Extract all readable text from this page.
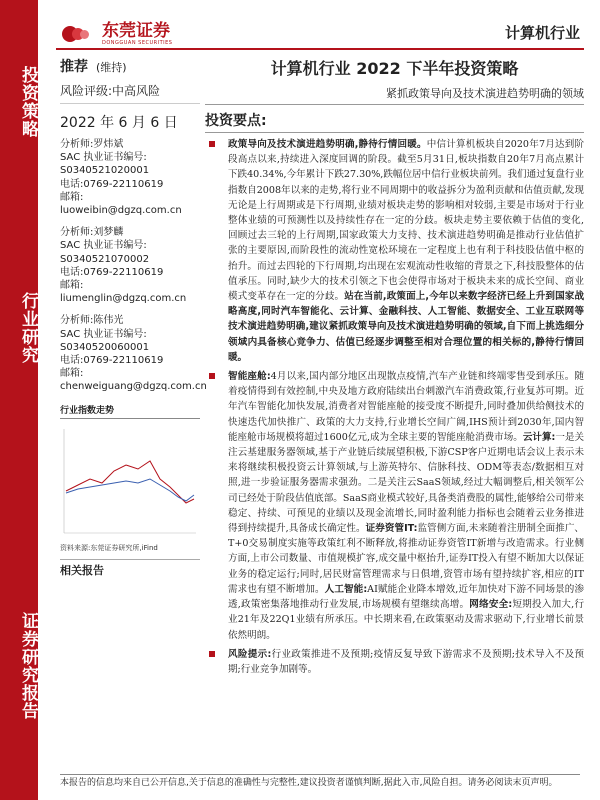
投资策略
行业研究
证券研究报告
东莞证券
DONGGUAN SECURITIES
计算机行业
推荐 (维持)
风险评级:中高风险
2022 年 6 月 6 日
分析师:罗炜斌
SAC 执业证书编号:
S0340521020001
电话:0769-22110619
邮箱:
luoweibin@dgzq.com.cn
分析师:刘梦麟
SAC 执业证书编号:
S0340521070002
电话:0769-22110619
邮箱:
liumenglin@dgzq.com.cn
分析师:陈伟光
SAC 执业证书编号:
S0340520060001
电话:0769-22110619
邮箱:
chenweiguang@dgzq.com.cn
行业指数走势
资料来源:东莞证券研究所,iFind
相关报告
计算机行业 2022 下半年投资策略
紧抓政策导向及技术演进趋势明确的领域
投资要点:
政策导向及技术演进趋势明确,静待行情回暖。中信计算机板块自2020年7月达到阶段高点以来,持续进入深度回调的阶段。截至5月31日,板块指数自20年7月高点累计下跌40.34%,今年累计下跌27.30%,跌幅位居中信行业板块前列。我们通过复盘行业指数自2008年以来的走势,将行业不同周期中的收益拆分为盈利贡献和估值贡献,发现无论是上行周期或是下行周期,业绩对板块走势的影响相对较弱,主要是市场对于行业整体业绩的可预测性以及持续性存在一定的分歧。板块走势主要依赖于估值的变化,回顾过去三轮的上行周期,国家政策大力支持、技术演进趋势明确是推动行业估值扩张的主要原因,而阶段性的流动性宽松环境在一定程度上也有利于科技股估值中枢的抬升。而过去四轮的下行周期,均出现在宏观流动性收缩的背景之下,科技股整体的估值承压。同时,缺少大的技术引领之下也会使得市场对于板块未来的成长空间、商业模式变革存在一定的分歧。站在当前,政策面上,今年以来数字经济已经上升到国家战略高度,同时汽车智能化、云计算、金融科技、人工智能、数据安全、工业互联网等技术演进趋势明确,建议紧抓政策导向及技术演进趋势明确的领域,自下而上挑选细分领域内具备核心竞争力、估值已经逐步调整至相对合理位置的相关标的,静待行情回暖。
智能座舱:4月以来,国内部分地区出现散点疫情,汽车产业链和终端零售受到承压。随着疫情得到有效控制,中央及地方政府陆续出台刺激汽车消费政策,行业复苏可期。近年汽车智能化加快发展,消费者对智能座舱的接受度不断提升,同时叠加供给侧技术的快速迭代加快推广、政策的大力支持,行业增长空间广阔,IHS预计到2030年,国内智能座舱市场规模将超过1600亿元,成为全球主要的智能座舱消费市场。云计算:一是关注云基建服务器领域,基于产业链后续展望积极,下游CSP客户近期电话会议上表示未来将继续积极投资云计算领域,与上游英特尔、信脉科技、ODM等表态/数据相互对照,进一步验证服务器需求强劲。二是关注云SaaS领域,经过大幅调整后,相关领军公司已经处于阶段估值底部。SaaS商业模式较好,具备类消费股的属性,能够给公司带来稳定、持续、可预见的业绩以及现金流增长,同时盈利能力指标也会随着云业务推进得到持续提升,具备成长确定性。证券资管IT:监管侧方面,未来随着注册制全面推广、T+0交易制度实施等政策红利不断释放,将推动证券资管IT新增与改造需求。行业侧方面,上市公司数量、市值规模扩容,成交量中枢抬升,证券IT投入有望不断加大以保证业务的稳定运行;同时,居民财富管理需求与日俱增,资管市场有望持续扩容,相应的IT需求也有望不断增加。人工智能:AI赋能企业降本增效,近年加快对下游不同场景的渗透,政策密集落地推动行业发展,市场规模有望继续高增。网络安全:短期投入加大,行业21年及22Q1业绩有所承压。中长期来看,在政策驱动及需求驱动下,行业增长前景依然明朗。
风险提示:行业政策推进不及预期;疫情反复导致下游需求不及预期;技术导入不及预期;行业竞争加剧等。
本报告的信息均来自已公开信息,关于信息的准确性与完整性,建议投资者谨慎判断,据此入市,风险自担。请务必阅读末页声明。
